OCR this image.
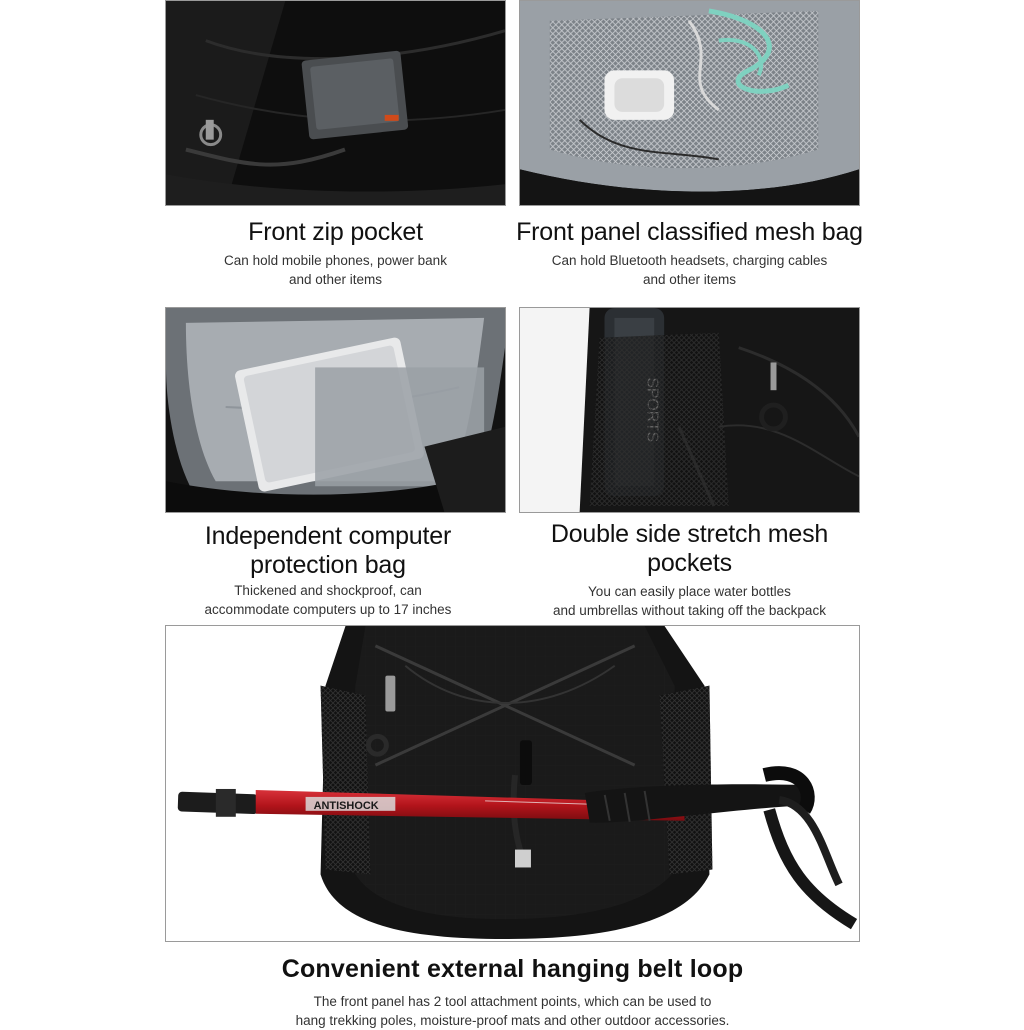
Front zip pocket

Can hold mobile phones, power bank
and other items

Front panel classified mesh bag

Can hold Bluetooth headsets, charging cables
and other items

Independent computer
protection bag

Thickened and shockproof, can
accommodate computers up to 17 inches

Double side stretch mesh pockets

You can easily place water bottles
and umbrellas without taking off the backpack

ANTISHOCK
Convenient external hanging belt loop

The front panel has 2 tool attachment points, which can be used to
hang trekking poles, moisture-proof mats and other outdoor accessories.
